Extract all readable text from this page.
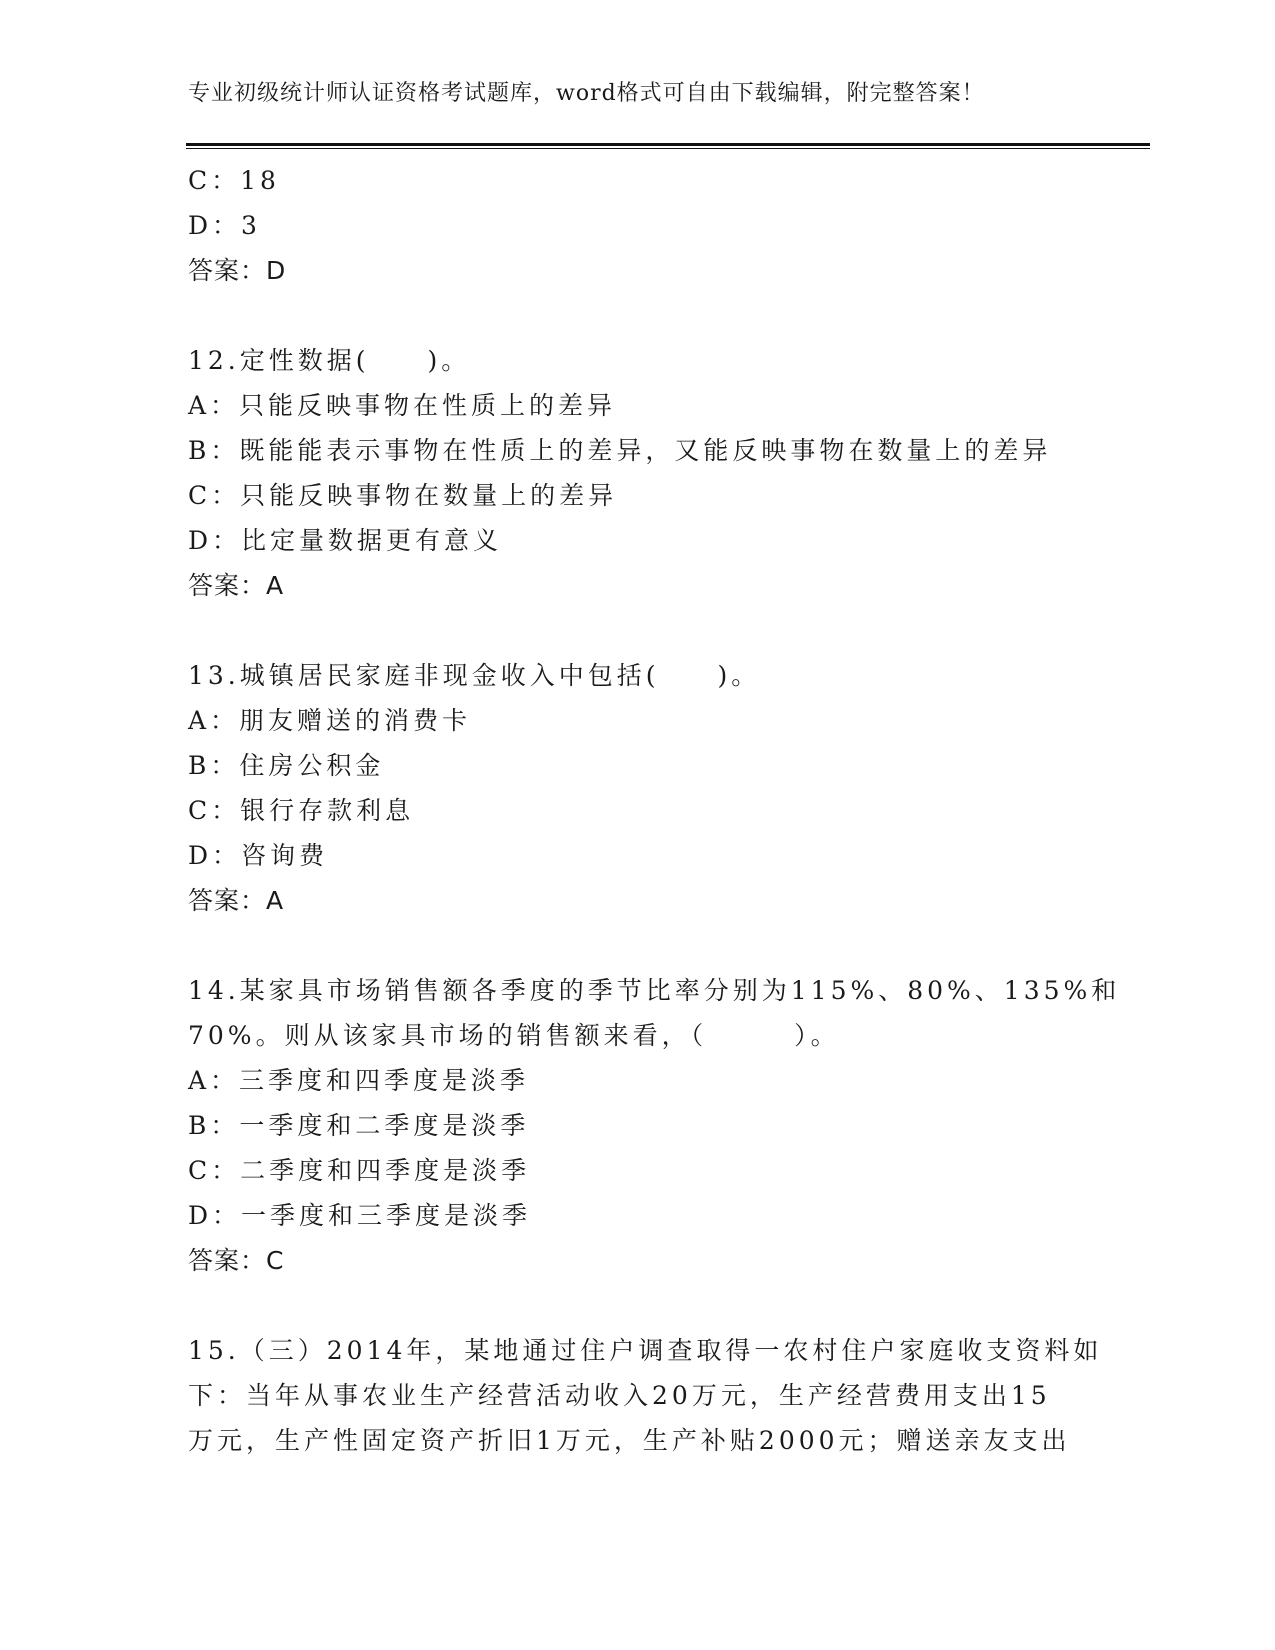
专业初级统计师认证资格考试题库，word格式可自由下载编辑，附完整答案！
C：18
D：3
答案：D
12.定性数据(　　)。
A：只能反映事物在性质上的差异
B：既能能表示事物在性质上的差异，又能反映事物在数量上的差异
C：只能反映事物在数量上的差异
D：比定量数据更有意义
答案：A
13.城镇居民家庭非现金收入中包括(　　)。
A：朋友赠送的消费卡
B：住房公积金
C：银行存款利息
D：咨询费
答案：A
14.某家具市场销售额各季度的季节比率分别为115%、80%、135%和
70%。则从该家具市场的销售额来看，（　　　）。
A：三季度和四季度是淡季
B：一季度和二季度是淡季
C：二季度和四季度是淡季
D：一季度和三季度是淡季
答案：C
15.（三）2014年，某地通过住户调查取得一农村住户家庭收支资料如
下：当年从事农业生产经营活动收入20万元，生产经营费用支出15
万元，生产性固定资产折旧1万元，生产补贴2000元；赠送亲友支出
